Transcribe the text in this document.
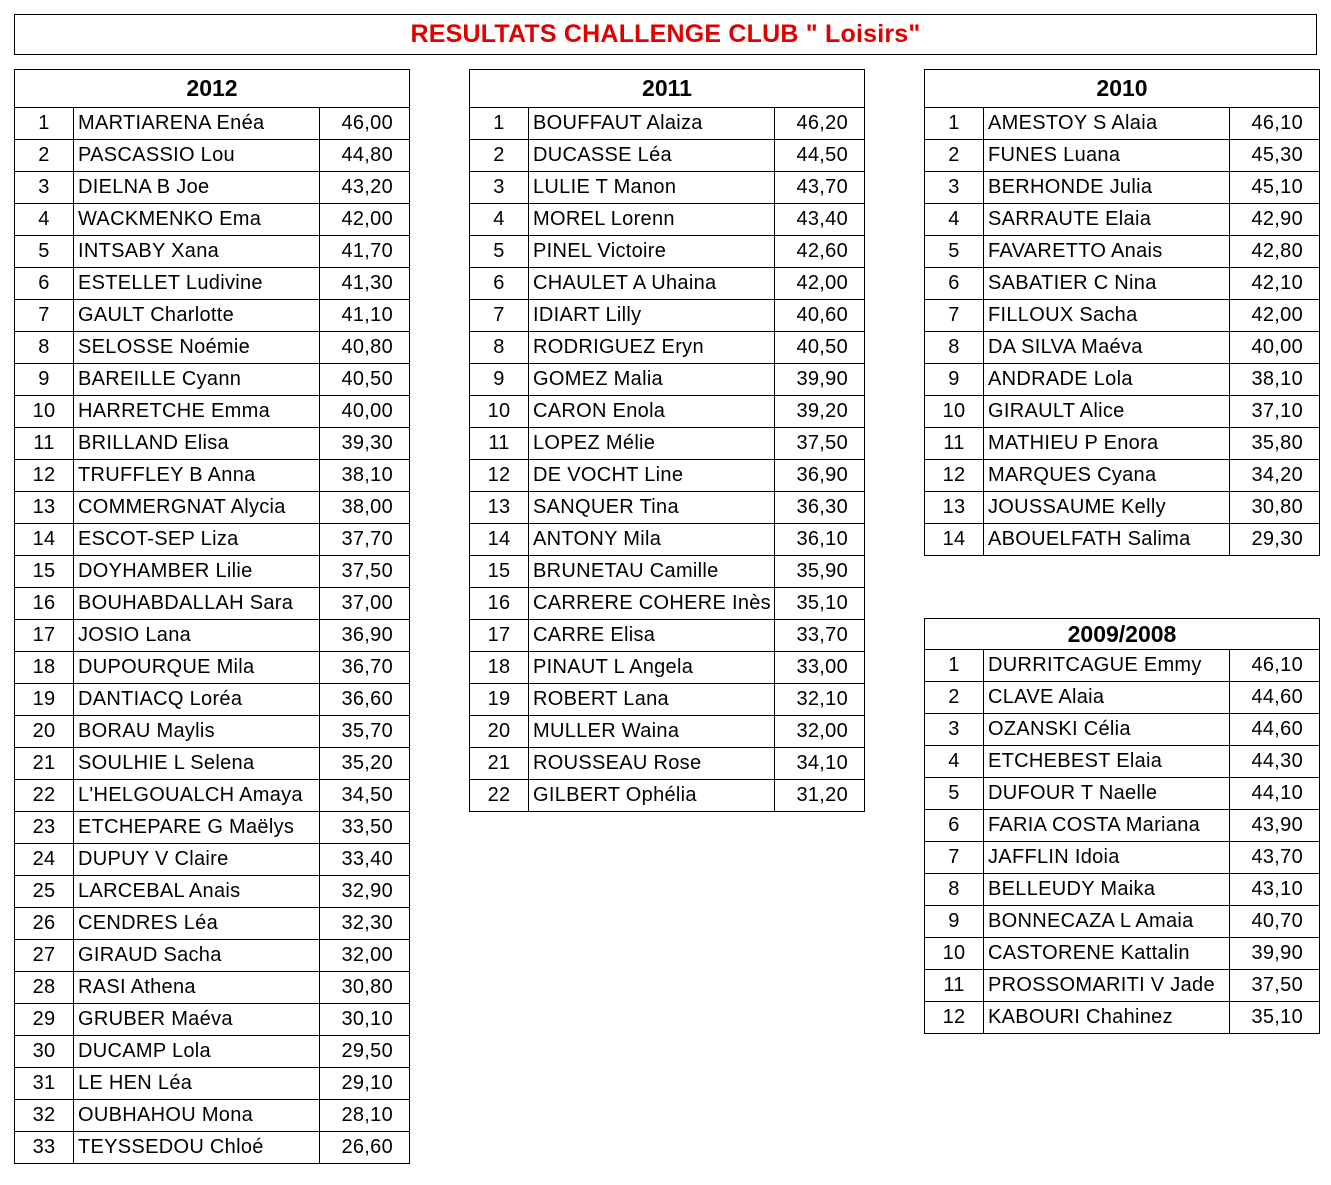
RESULTATS CHALLENGE CLUB " Loisirs"
2012		
1	MARTIARENA Enéa	46,00
2	PASCASSIO Lou	44,80
3	DIELNA B Joe	43,20
4	WACKMENKO Ema	42,00
5	INTSABY Xana	41,70
6	ESTELLET Ludivine	41,30
7	GAULT Charlotte	41,10
8	SELOSSE Noémie	40,80
9	BAREILLE Cyann	40,50
10	HARRETCHE Emma	40,00
11	BRILLAND Elisa	39,30
12	TRUFFLEY B Anna	38,10
13	COMMERGNAT Alycia	38,00
14	ESCOT-SEP Liza	37,70
15	DOYHAMBER Lilie	37,50
16	BOUHABDALLAH Sara	37,00
17	JOSIO Lana	36,90
18	DUPOURQUE Mila	36,70
19	DANTIACQ Loréa	36,60
20	BORAU Maylis	35,70
21	SOULHIE L Selena	35,20
22	L'HELGOUALCH Amaya	34,50
23	ETCHEPARE G Maëlys	33,50
24	DUPUY V Claire	33,40
25	LARCEBAL Anais	32,90
26	CENDRES Léa	32,30
27	GIRAUD Sacha	32,00
28	RASI Athena	30,80
29	GRUBER Maéva	30,10
30	DUCAMP Lola	29,50
31	LE HEN Léa	29,10
32	OUBHAHOU Mona	28,10
33	TEYSSEDOU Chloé	26,60
2011		
1	BOUFFAUT Alaiza	46,20
2	DUCASSE Léa	44,50
3	LULIE T Manon	43,70
4	MOREL Lorenn	43,40
5	PINEL Victoire	42,60
6	CHAULET A Uhaina	42,00
7	IDIART Lilly	40,60
8	RODRIGUEZ Eryn	40,50
9	GOMEZ Malia	39,90
10	CARON Enola	39,20
11	LOPEZ Mélie	37,50
12	DE VOCHT Line	36,90
13	SANQUER Tina	36,30
14	ANTONY Mila	36,10
15	BRUNETAU Camille	35,90
16	CARRERE COHERE Inès	35,10
17	CARRE Elisa	33,70
18	PINAUT L Angela	33,00
19	ROBERT Lana	32,10
20	MULLER Waina	32,00
21	ROUSSEAU Rose	34,10
22	GILBERT Ophélia	31,20
2010		
1	AMESTOY S Alaia	46,10
2	FUNES Luana	45,30
3	BERHONDE Julia	45,10
4	SARRAUTE Elaia	42,90
5	FAVARETTO Anais	42,80
6	SABATIER C Nina	42,10
7	FILLOUX Sacha	42,00
8	DA SILVA Maéva	40,00
9	ANDRADE Lola	38,10
10	GIRAULT Alice	37,10
11	MATHIEU P Enora	35,80
12	MARQUES Cyana	34,20
13	JOUSSAUME Kelly	30,80
14	ABOUELFATH Salima	29,30
2009/2008		
1	DURRITCAGUE Emmy	46,10
2	CLAVE Alaia	44,60
3	OZANSKI Célia	44,60
4	ETCHEBEST Elaia	44,30
5	DUFOUR T Naelle	44,10
6	FARIA COSTA Mariana	43,90
7	JAFFLIN Idoia	43,70
8	BELLEUDY Maika	43,10
9	BONNECAZA L Amaia	40,70
10	CASTORENE Kattalin	39,90
11	PROSSOMARITI V Jade	37,50
12	KABOURI Chahinez	35,10
